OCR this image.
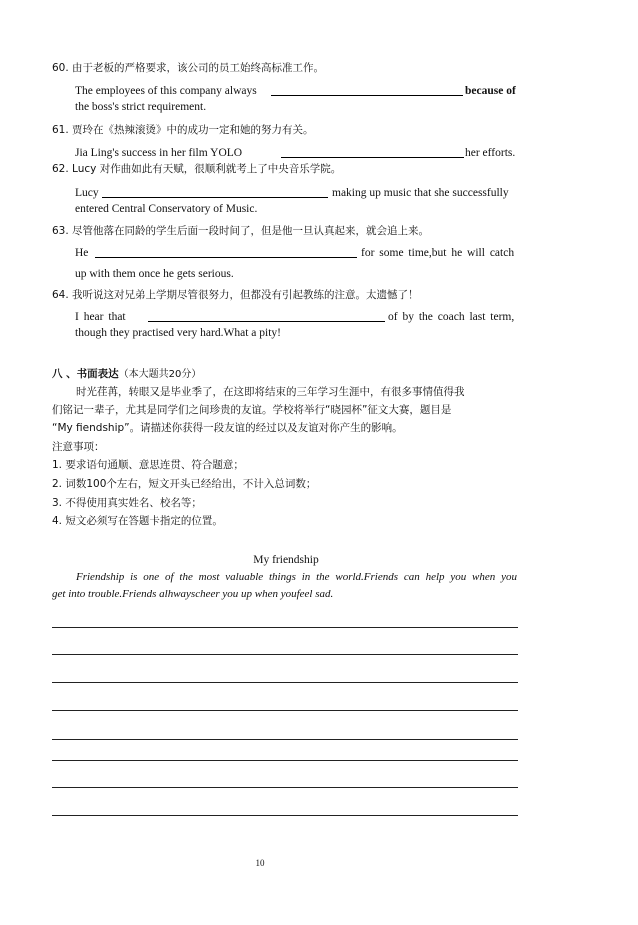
60. 由于老板的严格要求，该公司的员工始终高标准工作。
The employees of this company always	because of
the boss's strict requirement.
61. 贾玲在《热辣滚烫》中的成功一定和她的努力有关。
Jia Ling's success in her film YOLO	her efforts.
62. Lucy 对作曲如此有天赋，很顺利就考上了中央音乐学院。
Lucy	making up music that she successfully
entered Central Conservatory of Music.
63. 尽管他落在同龄的学生后面一段时间了，但是他一旦认真起来，就会追上来。
He	for some time,but he will catch
up with them once he gets serious.
64. 我听说这对兄弟上学期尽管很努力，但都没有引起教练的注意。太遗憾了！
I hear that	of by the coach last term,
though they practised very hard.What a pity!
八 、书面表达（本大题共20分）
时光荏苒，转眼又是毕业季了，在这即将结束的三年学习生涯中，有很多事情值得我
们铭记一辈子，尤其是同学们之间珍贵的友谊。学校将举行“晓园杯”征文大赛，题目是
“My fiendship”。请描述你获得一段友谊的经过以及友谊对你产生的影响。
注意事项：
1. 要求语句通顺、意思连贯、符合题意；
2. 词数100个左右，短文开头已经给出，不计入总词数；
3. 不得使用真实姓名、校名等；
4. 短文必须写在答题卡指定的位置。
My friendship
Friendship is one of the most valuable things in the world.Friends can help you when you
get into trouble.Friends alhwayscheer you up when youfeel sad.
10
